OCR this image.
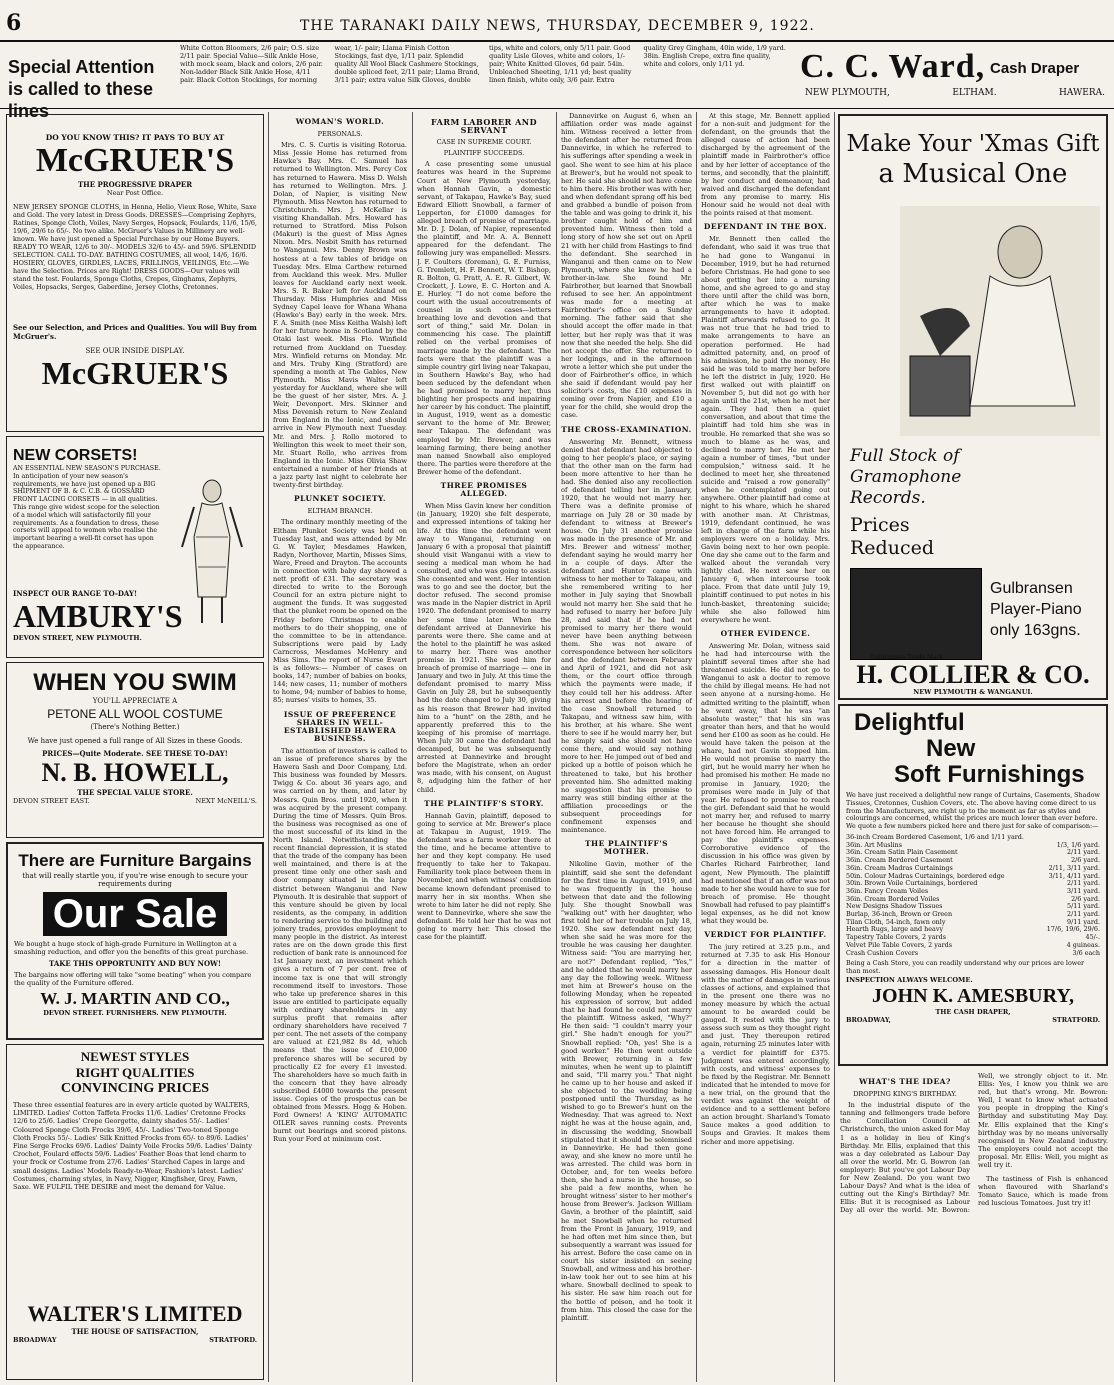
6	THE TARANAKI DAILY NEWS, THURSDAY, DECEMBER 9, 1922.
Special Attention
is called to these lines
White Cotton Bloomers, 2/6 pair; O.S. size 2/11 pair. Special Value—Silk Ankle Hose, with mock seam, black and colors, 2/6 pair. Non-ladder Black Silk Ankle Hose, 4/11 pair. Black Cotton Stockings, for morning wear, 1/- pair; Llama Finish Cotton Stockings, fast dye, 1/11 pair. Splendid quality All Wool Black Cashmere Stockings, double spliced feet, 2/11 pair; Llama Brand, 3/11 pair; extra value Silk Gloves, double tips, white and colors, only 5/11 pair. Good quality Lisle Gloves, white and colors, 1/- pair; White Knitted Gloves, 6d pair. 54in. Unbleached Sheeting, 1/11 yd; best quality linen finish, white only, 3/6 pair. Extra quality Grey Gingham, 40in wide, 1/9 yard. 38in. English Crepe, extra fine quality, white and colors, only 1/11 yd.	C. C. Ward, Cash Draper
NEW PLYMOUTH,	ELTHAM.	HAWERA.
DO YOU KNOW THIS? IT PAYS TO BUY AT
McGRUER'S
THE PROGRESSIVE DRAPER
Near Post Office.
NEW JERSEY SPONGE CLOTHS, in Henna, Helio, Vieux Rose, White, Saxe and Gold. The very latest in Dress Goods. DRESSES—Comprising Zephyrs, Ratines, Sponge Cloth, Voiles, Navy Serges, Hopsack, Foulards, 11/6, 15/6, 19/6, 29/6 to 65/-. No two alike. McGruer's Values in Millinery are well-known. We have just opened a Special Purchase by our Home Buyers. READY TO WEAR, 12/6 to 30/-. MODELS 32/6 to 45/- and 59/6. SPLENDID SELECTION. CALL TO-DAY. BATHING COSTUMES, all wool, 14/6, 16/6. HOSIERY, GLOVES, GIRDLES, LACES, FRILLINGS, VEILINGS, Etc.—We have the Selection. Prices are Right! DRESS GOODS—Our values will stand the test. Foulards, Sponge Cloths, Crepes, Ginghams, Zephyrs, Voiles, Hopsacks, Serges, Gaberdine, Jersey Cloths, Cretonnes.
See our Selection, and Prices and Qualities. You will Buy from McGruer's.
SEE OUR INSIDE DISPLAY.
McGRUER'S
NEW CORSETS!
AN ESSENTIAL NEW SEASON'S PURCHASE. In anticipation of your new season's requirements, we have just opened up a BIG SHIPMENT OF B. & C. C.B. & GOSSARD FRONT LACING CORSETS — in all qualities. This range give widest scope for the selection of a model which will satisfactorily fill your requirements. As a foundation to dress, these corsets will appeal to women who realise the important bearing a well-fit corset has upon the appearance.
INSPECT OUR RANGE TO-DAY!
AMBURY'S
DEVON STREET, NEW PLYMOUTH.
WHEN YOU SWIM
YOU'LL APPRECIATE A
PETONE ALL WOOL COSTUME
(There's Nothing Better.)
We have just opened a full range of All Sizes in these Goods.
PRICES—Quite Moderate. SEE THESE TO-DAY!
N. B. HOWELL,
THE SPECIAL VALUE STORE.
DEVON STREET EAST.	NEXT McNEILL'S.
There are Furniture Bargains
that will really startle you, if you're wise enough to secure your requirements during
Our Sale
We bought a huge stock of high-grade Furniture in Wellington at a smashing reduction, and offer you the benefits of this great purchase.
TAKE THIS OPPORTUNITY AND BUY NOW!
The bargains now offering will take "some beating" when you compare the quality of the Furniture offered.
W. J. MARTIN AND CO.,
DEVON STREET. FURNISHERS. NEW PLYMOUTH.
NEWEST STYLES
RIGHT QUALITIES
CONVINCING PRICES
These three essential features are in every article quoted by WALTERS, LIMITED. Ladies' Cotton Taffeta Frocks 11/6. Ladies' Cretonne Frocks 12/6 to 25/6. Ladies' Crepe Georgette, dainty shades 55/-. Ladies' Coloured Sponge Cloth Frocks 39/6, 45/-. Ladies' Two-toned Sponge Cloth Frocks 55/-. Ladies' Silk Knitted Frocks from 65/- to 89/6. Ladies' Fine Serge Frocks 69/6. Ladies' Dainty Voile Frocks 59/6. Ladies' Dainty Crochet, Foulard effects 59/6. Ladies' Feather Boas that lend charm to your frock or Costume from 27/6. Ladies' Starched Capes in large and small designs. Ladies' Models Ready-to-Wear, Fashion's latest. Ladies' Costumes, charming styles, in Navy, Nigger, Kingfisher, Grey, Fawn, Saxe. WE FULFIL THE DESIRE and meet the demand for Value.
WALTER'S LIMITED
THE HOUSE OF SATISFACTION,
BROADWAY	STRATFORD.
WOMAN'S WORLD.
PERSONALS.

Mrs. C. S. Curtis is visiting Rotorua. Miss Jessie Home has returned from Hawke's Bay. Mrs. C. Samuel has returned to Wellington. Mrs. Percy Cox has returned to Hawera. Miss D. Welsh has returned to Wellington. Mrs. J. Dolan, of Napier, is visiting New Plymouth. Miss Newton has returned to Christchurch. Mrs. J. McKellar is visiting Khandallah. Mrs. Howard has returned to Stratford. Miss Polson (Makuri) is the guest of Miss Agnes Nixon. Mrs. Nesbit Smith has returned to Wanganui. Mrs. Denny Brown was hostess at a few tables of bridge on Tuesday. Mrs. Elma Carthew returned from Auckland this week. Mrs. Muller leaves for Auckland early next week. Mrs. S. R. Baker left for Auckland on Thursday. Miss Humphries and Miss Sydney Capel leave for Whana Whana (Hawke's Bay) early in the week. Mrs. F. A. Smith (nee Miss Keitha Walsh) left for her future home in Scotland by the Otaki last week. Miss Flo. Winfield returned from Auckland on Tuesday. Mrs. Winfield returns on Monday. Mr. and Mrs. Truby King (Stratford) are spending a month at The Gables, New Plymouth. Miss Mavis Walter left yesterday for Auckland, where she will be the guest of her sister, Mrs. A. J. Weir, Devonport. Mrs. Skinner and Miss Devenish return to New Zealand from England in the Ionic, and should arrive in New Plymouth next Tuesday. Mr. and Mrs. J. Rollo motored to Wellington this week to meet their son, Mr. Stuart Rollo, who arrives from England in the Ionic. Miss Olivia Shaw entertained a number of her friends at a jazz party last night to celebrate her twenty-first birthday.

PLUNKET SOCIETY.
ELTHAM BRANCH.

The ordinary monthly meeting of the Eltham Plunket Society was held on Tuesday last, and was attended by Mr. G. W. Tayler, Mesdames Hawken, Radyn, Northover, Martin, Misses Sims, Ware, Freed and Drayton. The accounts in connection with baby day showed a nett profit of £31. The secretary was directed to write to the Borough Council for an extra picture night to augment the funds. It was suggested that the plunket room be opened on the Friday before Christmas to enable mothers to do their shopping, one of the committee to be in attendance. Subscriptions were paid by Lady Carncross, Mesdames McHenry and Miss Sims. The report of Nurse Ewart is as follows:— Number of cases on books, 147; number of babies on books, 144; new cases, 11; number of mothers to home, 94; number of babies to home, 85; nurses' visits to homes, 35.

ISSUE OF PREFERENCE SHARES IN WELL-ESTABLISHED HAWERA BUSINESS.

The attention of investors is called to an issue of preference shares by the Hawera Sash and Door Company, Ltd. This business was founded by Messrs. Twigg & Co. about 36 years ago, and was carried on by them, and later by Messrs. Quin Bros. until 1920, when it was acquired by the present company. During the time of Messrs. Quin Bros. the business was recognised as one of the most successful of its kind in the North Island. Notwithstanding the recent financial depression, it is stated that the trade of the company has been well maintained, and there is at the present time only one other sash and door company situated in the large district between Wanganui and New Plymouth. It is desirable that support of this venture should be given by local residents, as the company, in addition to rendering service to the building and joinery trades, provides employment to many people in the district. As interest rates are on the down grade this first reduction of bank rate is announced for 1st January next, an investment which gives a return of 7 per cent. free of income tax is one that will strongly recommend itself to investors. Those who take up preference shares in this issue are entitled to participate equally with ordinary shareholders in any surplus profit that remains after ordinary shareholders have received 7 per cent. The net assets of the company are valued at £21,982 8s 4d, which means that the issue of £10,000 preference shares will be secured by practically £2 for every £1 invested. The shareholders have so much faith in the concern that they have already subscribed £4000 towards the present issue. Copies of the prospectus can be obtained from Messrs. Hogg & Hoben. Ford Owners! A 'KING' AUTOMATIC OILER saves running costs. Prevents burnt out bearings and scored pistons. Run your Ford at minimum cost.

FARM LABORER AND SERVANT
CASE IN SUPREME COURT.
PLAINTIFF SUCCEEDS.

A case presenting some unusual features was heard in the Supreme Court at New Plymouth yesterday, when Hannah Gavin, a domestic servant, of Takapau, Hawke's Bay, sued Edward Elliott Snowball, a farmer of Lepperton, for £1000 damages for alleged breach of promise of marriage. Mr. D. J. Dolan, of Napier, represented the plaintiff, and Mr. A. A. Bennett appeared for the defendant. The following jury was empanelled: Messrs. J. F. Coulters (foreman), G. E. Furniss, G. Tremlett, H. F. Bennett, W. T. Bishop, R. Bolton, G. Pratt, A. E. R. Gilbert, W. Crockett, J. Lowe, E. C. Horton and A. E. Hurley. "I do not come before the court with the usual accoutrements of counsel in such cases—letters breathing love and devotion and that sort of thing," said Mr. Dolan in commencing his case. The plaintiff relied on the verbal promises of marriage made by the defendant. The facts were that the plaintiff was a simple country girl living near Takapau, in Southern Hawke's Bay, who had been seduced by the defendant when he had promised to marry her, thus blighting her prospects and impairing her career by his conduct. The plaintiff, in August, 1919, went as a domestic servant to the home of Mr. Brewer, near Takapau. The defendant was employed by Mr. Brewer, and was learning farming, there being another man named Snowball also employed there. The parties were therefore at the Brewer home of the defendant.

THREE PROMISES ALLEGED.

When Miss Gavin knew her condition (in January, 1920) she felt desperate, and expressed intentions of taking her life. At this time the defendant went away to Wanganui, returning on January 6 with a proposal that plaintiff should visit Wanganui with a view to seeing a medical man whom he had consulted, and who was going to assist. She consented and went. Her intention was to go and see the doctor, but the doctor refused. The second promise was made in the Napier district in April 1920. The defendant promised to marry her some time later. When the defendant arrived at Dannevirke his parents were there. She came and at the hotel to the plaintiff he was asked to marry her. There was another promise in 1921. She sued him for breach of promise of marriage — one in January and two in July. At this time the defendant promised to marry Miss Gavin on July 28, but he subsequently had the date changed to July 30, giving as his reason that Brewer had invited him to a "hunt" on the 28th, and he apparently preferred this to the keeping of his promise of marriage. When July 30 came the defendant had decamped, but he was subsequently arrested at Dannevirke and brought before the Magistrate, when an order was made, with his consent, on August 8, adjudging him the father of her child.

THE PLAINTIFF'S STORY.

Hannah Gavin, plaintiff, deposed to going to service at Mr. Brewer's place at Takapau in August, 1919. The defendant was a farm worker there at the time, and he became attentive to her and they kept company. He used frequently to take her to Takapau. Familiarity took place between them in November, and when witness' condition became known defendant promised to marry her in six months. When she wrote to him later he did not reply. She went to Dannevirke, where she saw the defendant. He told her that he was not going to marry her. This closed the case for the plaintiff.

Dannevirke on August 6, when an affiliation order was made against him. Witness received a letter from the defendant after he returned from Dannevirke, in which he referred to his sufferings after spending a week in gaol. She went to see him at his place at Brewer's, but he would not speak to her. He said she should not have come to him there. His brother was with her, and when defendant sprang off his bed and grabbed a bundle of poison from the table and was going to drink it, his brother caught hold of him and prevented him. Witness then told a long story of how she set out on April 21 with her child from Hastings to find the defendant. She searched in Wanganui and then came on to New Plymouth, where she knew he had a brother-in-law. She found Mr. Fairbrother, but learned that Snowball refused to see her. An appointment was made for a meeting at Fairbrother's office on a Sunday morning. The father said that she should accept the offer made in that letter, but her reply was that it was now that she needed the help. She did not accept the offer. She returned to her lodgings, and in the afternoon wrote a letter which she put under the door of Fairbrother's office, in which she said if defendant would pay her solicitor's costs, the £10 expenses in coming over from Napier, and £10 a year for the child, she would drop the case.

THE CROSS-EXAMINATION.

Answering Mr. Bennett, witness denied that defendant had objected to going to her people's place, or saying that the other man on the farm had been more attentive to her than he had. She denied also any recollection of defendant telling her in January, 1920, that he would not marry her. There was a definite promise of marriage on July 28 or 30 made by defendant to witness at Brewer's house. On July 31 another promise was made in the presence of Mr. and Mrs. Brewer and witness' mother, defendant saying he would marry her in a couple of days. After the defendant and Hunter came with witness to her mother to Takapau, and she remembered writing to her mother in July saying that Snowball would not marry her. She said that he had refused to marry her before July 28, and said that if he had not promised to marry her there would never have been anything between them. She was not aware of correspondence between her solicitors and the defendant between February and April of 1921, and did not ask them, or the court office through which the payments were made, if they could tell her his address. After his arrest and before the hearing of the case Snowball returned to Takapau, and witness saw him, with his brother, at his whare. She went there to see if he would marry her, but he simply said she should not have come there, and would say nothing more to her. He jumped out of bed and picked up a bottle of poison which he threatened to take, but his brother prevented him. She admitted making no suggestion that his promise to marry was still binding either at the affiliation proceedings or the subsequent proceedings for confinement expenses and maintenance.

THE PLAINTIFF'S MOTHER.

Nikoline Gavin, mother of the plaintiff, said she sent the defendant for the first time in August, 1919, and he was frequently in the house between that date and the following July. She thought Snowball was "walking out" with her daughter, who first told her of her trouble on July 18, 1920. She saw defendant next day, when she said he was more for the trouble he was causing her daughter. Witness said: "You are marrying her, are not?" Defendant replied, "Yes," and he added that he would marry her any day the following week. Witness met him at Brewer's house on the following Monday, when he repeated his expression of sorrow, but added that he had found he could not marry the plaintiff. Witness asked, "Why?" He then said: "I couldn't marry your girl." She hadn't enough for you?" Snowball replied: "Oh, yes! She is a good worker." He then went outside with Brewer, returning in a few minutes, when he went up to plaintiff and said, "I'll marry you." That night he came up to her house and asked if she objected to the wedding being postponed until the Thursday, as he wished to go to Brewer's hunt on the Wednesday. That was agreed to. Next night he was at the house again, and, in discussing the wedding, Snowball stipulated that it should be solemnised in Dannevirke. He had then gone away, and she knew no more until he was arrested. The child was born in October, and, for ten weeks before then, she had a nurse in the house, so she paid a few months, when he brought witness' sister to her mother's house from Brewer's. Jackson William Gavin, a brother of the plaintiff, said he met Snowball when he returned from the Front in January, 1919, and he had often met him since then, but subsequently a warrant was issued for his arrest. Before the case came on in court his sister insisted on seeing Snowball, and witness and his brother-in-law took her out to see him at his whare. Snowball declined to speak to his sister. He saw him reach out for the bottle of poison, and he took it from him. This closed the case for the plaintiff.

At this stage, Mr. Bennett applied for a non-suit and judgment for the defendant, on the grounds that the alleged cause of action had been discharged by the agreement of the plaintiff made in Fairbrother's office and by her letter of acceptance of the terms, and secondly, that the plaintiff, by her conduct and demeanour, had waived and discharged the defendant from any promise to marry. His Honour said he would not deal with the points raised at that moment.

DEFENDANT IN THE BOX.

Mr. Bennett then called the defendant, who said it was true that he had gone to Wanganui in December, 1919, but he had returned before Christmas. He had gone to see about getting her into a nursing home, and she agreed to go and stay there until after the child was born, after which he was to make arrangements to have it adopted. Plaintiff afterwards refused to go. It was not true that he had tried to make arrangements to have an operation performed. He had admitted paternity, and, on proof of his admission, he paid the money. He said he was told to marry her before he left the district in July, 1920. He first walked out with plaintiff on November 5, but did not go with her again until the 21st, when he met her again. They had then a quiet conversation, and about that time the plaintiff had told him she was in trouble. He remarked that she was so much to blame as he was, and declined to marry her. He met her again a number of times, "but under compulsion," witness said. It he declined to meet her, she threatened suicide and "raised a row generally" when he contemplated going out anywhere. Other plaintiff had come at night to his whare, which he shared with another man. At Christmas, 1919, defendant continued, he was left in charge of the farm while his employers were on a holiday. Mrs. Gavin being next to her own people. One day she came out to the farm and walked about the verandah very lightly clad. He next saw her on January 6, when intercourse took place. From that date until July 19, plaintiff continued to put notes in his lunch-basket, threatening suicide; while she also followed him everywhere he went.

OTHER EVIDENCE.

Answering Mr. Dolan, witness said he had had intercourse with the plaintiff several times after she had threatened suicide. He did not go to Wanganui to ask a doctor to remove the child by illegal means. He had not seen anyone at a nursing-home. He admitted writing to the plaintiff, when he went away, that he was "an absolute waster," that his sin was greater than hers, and that he would send her £100 as soon as he could. He would have taken the poison at the whare, had not Gavin stopped him. He would not promise to marry the girl, but he would marry her when he had promised his mother. He made no promise in January, 1920; the promises were made in July of that year. He refused to promise to reach the girl. Defendant said that he would not marry her, and refused to marry her because he thought she should not have forced him. He arranged to pay the plaintiff's expenses. Corroborative evidence of the discussion in his office was given by Charles Richard Fairbrother, land agent, New Plymouth. The plaintiff had mentioned that if an offer was not made to her she would have to sue for breach of promise. He thought Snowball had refused to pay plaintiff's legal expenses, as he did not know what they would be.

VERDICT FOR PLAINTIFF.

The jury retired at 3.25 p.m., and returned at 7.35 to ask His Honour for a direction in the matter of assessing damages. His Honour dealt with the matter of damages in various classes of actions, and explained that in the present one there was no money measure by which the actual amount to be awarded could be gauged. It rested with the jury to assess such sum as they thought right and just. They thereupon retired again, returning 25 minutes later with a verdict for plaintiff for £375. Judgment was entered accordingly, with costs, and witness' expenses to be fixed by the Registrar. Mr. Bennett indicated that he intended to move for a new trial, on the ground that the verdict was against the weight of evidence and to a settlement before an action brought. Sharland's Tomato Sauce makes a good addition to Soups and Gravies. It makes them richer and more appetising.

Make Your 'Xmas Gift
a Musical One
Full Stock of
Gramophone
Records.
Prices
Reduced
Gulbransen
Player-Piano
only 163gns.
Gulbransen Trade Mark
H. COLLIER & CO.
NEW PLYMOUTH & WANGANUI.
Delightful
New
Soft Furnishings
We have just received a delightful new range of Curtains, Casements, Shadow Tissues, Cretonnes, Cushion Covers, etc. The above having come direct to us from the Manufacturers, are right up to the moment as far as styles and colourings are concerned, whilst the prices are much lower than ever before. We quote a few numbers picked here and there just for sake of comparison:—
36-inch Cream Bordered Casement, 1/6 and 1/11 yard.
36in. Art Muslins	1/3, 1/6 yard.
36in. Cream Satin Plain Casement	2/11 yard.
36in. Cream Bordered Casement	2/6 yard.
36in. Cream Madras Curtainings	2/11, 3/11 yard.
50in. Colour Madras Curtainings, bordered edge	3/11, 4/11 yard.
30in. Brown Voile Curtainings, bordered	2/11 yard.
36in. Fancy Cream Voiles	3/11 yard.
36in. Cream Bordered Voiles	2/6 yard.
New Designs Shadow Tissues	5/11 yard.
Burlap, 36-inch, Brown or Green	2/11 yard.
Tilan Cloth, 54-inch, fawn only	9/11 yard.
Hearth Rugs, large and heavy	17/6, 19/6, 29/6.
Tapestry Table Covers, 2 yards	45/-.
Velvet Pile Table Covers, 2 yards	4 guineas.
Crash Cushion Covers	3/6 each
Being a Cash Store, you can readily understand why our prices are lower than most.
INSPECTION ALWAYS WELCOME.
JOHN K. AMESBURY,
THE CASH DRAPER,
BROADWAY,	STRATFORD.
WHAT'S THE IDEA?
DROPPING KING'S BIRTHDAY.

In the industrial dispute of the tanning and fellmongers trade before the Conciliation Council at Christchurch, the union asked for May 1 as a holiday in lieu of King's Birthday. Mr. Ellis, explained that this was a day celebrated as Labour Day all over the world. Mr. G. Bowron (an employer): But you've got Labour Day for New Zealand. Do you want two Labour Days? And what is the idea of cutting out the King's Birthday? Mr. Ellis: But it is recognised as Labour Day all over the world. Mr. Bowron: Well, we strongly object to it. Mr. Ellis: Yes, I know you think we are red, but that's wrong. Mr. Bowron: Well, I want to know what actuated you people in dropping the King's Birthday and substituting May Day. Mr. Ellis explained that the King's birthday was by no means universally recognised in New Zealand industry. The employers could not accept the proposal. Mr. Ellis: Well, you might as well try it.

The tastiness of Fish is enhanced when flavoured with Sharland's Tomato Sauce, which is made from red luscious Tomatoes. Just try it!
